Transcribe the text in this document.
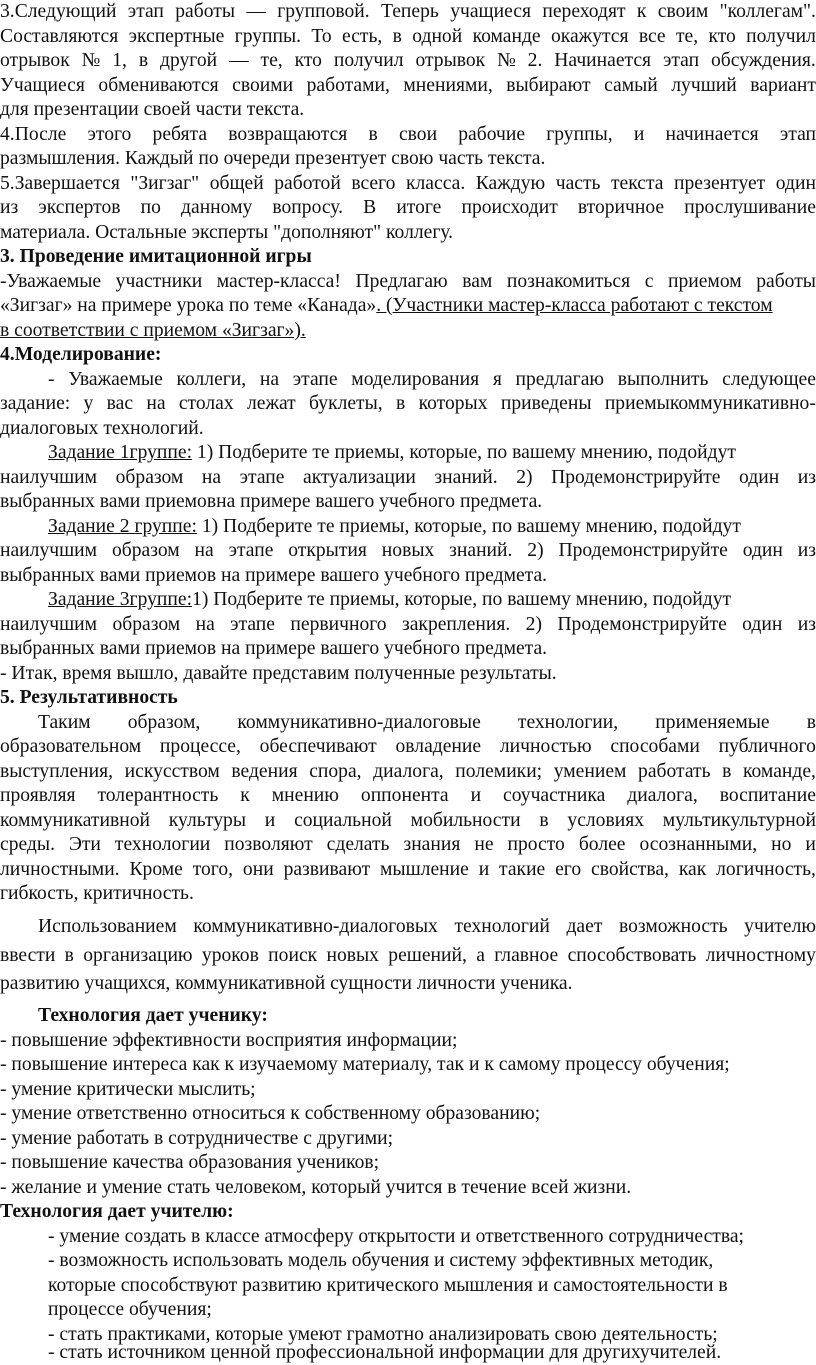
3.Следующий этап работы — групповой. Теперь учащиеся переходят к своим "коллегам".
Составляются экспертные группы. То есть, в одной команде окажутся все те, кто получил
отрывок № 1, в другой — те, кто получил отрывок № 2. Начинается этап обсуждения.
Учащиеся обмениваются своими работами, мнениями, выбирают самый лучший вариант
для презентации своей части текста.
4.После этого ребята возвращаются в свои рабочие группы, и начинается этап
размышления. Каждый по очереди презентует свою часть текста.
5.Завершается "Зигзаг" общей работой всего класса. Каждую часть текста презентует один
из экспертов по данному вопросу. В итоге происходит вторичное прослушивание
материала. Остальные эксперты "дополняют" коллегу.
3. Проведение имитационной игры
-Уважаемые участники мастер-класса! Предлагаю вам познакомиться с приемом работы
«Зигзаг» на примере урока по теме «Канада». (Участники мастер-класса работают с текстом
в соответствии с приемом «Зигзаг»).
4.Моделирование:
- Уважаемые коллеги, на этапе моделирования я предлагаю выполнить следующее
задание: у вас на столах лежат буклеты, в которых приведены приемыкоммуникативно-
диалоговых технологий.
Задание 1группе: 1) Подберите те приемы, которые, по вашему мнению, подойдут
наилучшим образом на этапе актуализации знаний. 2) Продемонстрируйте один из
выбранных вами приемовна примере вашего учебного предмета.
Задание 2 группе: 1) Подберите те приемы, которые, по вашему мнению, подойдут
наилучшим образом на этапе открытия новых знаний. 2) Продемонстрируйте один из
выбранных вами приемов на примере вашего учебного предмета.
Задание 3группе:1) Подберите те приемы, которые, по вашему мнению, подойдут
наилучшим образом на этапе первичного закрепления. 2) Продемонстрируйте один из
выбранных вами приемов на примере вашего учебного предмета.
- Итак, время вышло, давайте представим полученные результаты.
5. Результативность
Таким образом, коммуникативно-диалоговые технологии, применяемые в
образовательном процессе, обеспечивают овладение личностью способами публичного
выступления, искусством ведения спора, диалога, полемики; умением работать в команде,
проявляя толерантность к мнению оппонента и соучастника диалога, воспитание
коммуникативной культуры и социальной мобильности в условиях мультикультурной
среды. Эти технологии позволяют сделать знания не просто более осознанными, но и
личностными. Кроме того, они развивают мышление и такие его свойства, как логичность,
гибкость, критичность.
Использованием коммуникативно-диалоговых технологий дает возможность учителю
ввести в организацию уроков поиск новых решений, а главное способствовать личностному
развитию учащихся, коммуникативной сущности личности ученика.
Технология дает ученику:
- повышение эффективности восприятия информации;
- повышение интереса как к изучаемому материалу, так и к самому процессу обучения;
- умение критически мыслить;
- умение ответственно относиться к собственному образованию;
- умение работать в сотрудничестве с другими;
- повышение качества образования учеников;
- желание и умение стать человеком, который учится в течение всей жизни.
Технология дает учителю:
- умение создать в классе атмосферу открытости и ответственного сотрудничества;
- возможность использовать модель обучения и систему эффективных методик,
которые способствуют развитию критического мышления и самостоятельности в
процессе обучения;
- стать практиками, которые умеют грамотно анализировать свою деятельность;
- стать источником ценной профессиональной информации для другихучителей.
